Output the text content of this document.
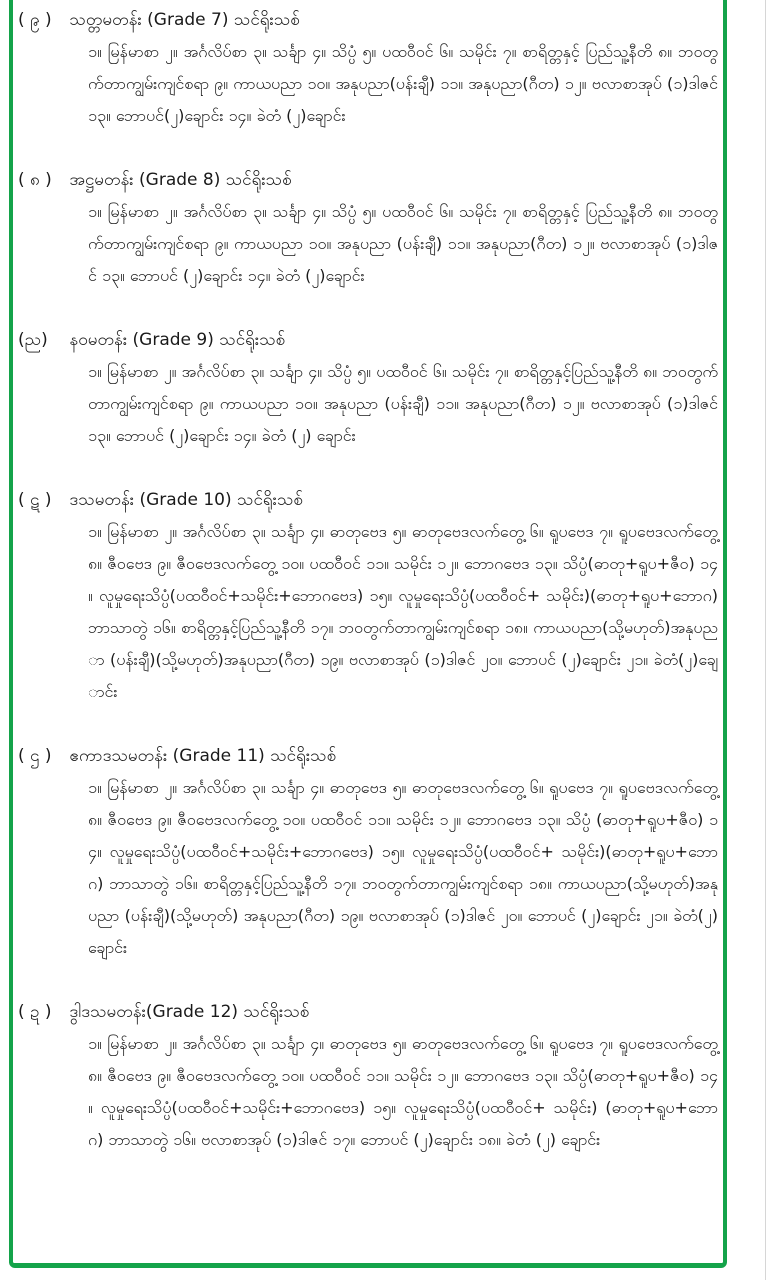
( ၉ ) သတ္တမတန်း (Grade 7) သင်ရိုးသစ်
၁။ မြန်မာစာ ၂။ အင်္ဂလိပ်စာ ၃။ သင်္ချာ ၄။ သိပ္ပံ ၅။ ပထဝီဝင် ၆။ သမိုင်း ၇။ စာရိတ္တနှင့် ပြည်သူ့နီတိ ၈။ ဘဝတွက်တာကျွမ်းကျင်စရာ ၉။ ကာယပညာ ၁၀။ အနုပညာ(ပန်းချီ) ၁၁။ အနုပညာ(ဂီတ) ၁၂။ ဗလာစာအုပ် (၁)ဒါဇင် ၁၃။ ဘောပင်(၂)ချောင်း ၁၄။ ခဲတံ (၂)ချောင်း
( ၈ ) အဋ္ဌမတန်း (Grade 8) သင်ရိုးသစ်
၁။ မြန်မာစာ ၂။ အင်္ဂလိပ်စာ ၃။ သင်္ချာ ၄။ သိပ္ပံ ၅။ ပထဝီဝင် ၆။ သမိုင်း ၇။ စာရိတ္တနှင့် ပြည်သူ့နီတိ ၈။ ဘဝတွက်တာကျွမ်းကျင်စရာ ၉။ ကာယပညာ ၁၀။ အနုပညာ (ပန်းချီ) ၁၁။ အနုပညာ(ဂီတ) ၁၂။ ဗလာစာအုပ် (၁)ဒါဇင် ၁၃။ ဘောပင် (၂)ချောင်း ၁၄။ ခဲတံ (၂)ချောင်း
(ည) နဝမတန်း (Grade 9) သင်ရိုးသစ်
၁။ မြန်မာစာ ၂။ အင်္ဂလိပ်စာ ၃။ သင်္ချာ ၄။ သိပ္ပံ ၅။ ပထဝီဝင် ၆။ သမိုင်း ၇။ စာရိတ္တနှင့်ပြည်သူ့နီတိ ၈။ ဘဝတွက်တာကျွမ်းကျင်စရာ ၉။ ကာယပညာ ၁၀။ အနုပညာ (ပန်းချီ) ၁၁။ အနုပညာ(ဂီတ) ၁၂။ ဗလာစာအုပ် (၁)ဒါဇင် ၁၃။ ဘောပင် (၂)ချောင်း ၁၄။ ခဲတံ (၂) ချောင်း
( ဋ ) ဒသမတန်း (Grade 10) သင်ရိုးသစ်
၁။ မြန်မာစာ ၂။ အင်္ဂလိပ်စာ ၃။ သင်္ချာ ၄။ ဓာတုဗေဒ ၅။ ဓာတုဗေဒလက်တွေ့ ၆။ ရူပဗေဒ ၇။ ရူပဗေဒလက်တွေ့ ၈။ ဇီဝဗေဒ ၉။ ဇီဝဗေဒလက်တွေ့ ၁၀။ ပထဝီဝင် ၁၁။ သမိုင်း ၁၂။ ဘောဂဗေဒ ၁၃။ သိပ္ပံ(ဓာတု+ရူပ+ဇီဝ) ၁၄။ လူမှုရေးသိပ္ပံ(ပထဝီဝင်+သမိုင်း+ဘောဂဗေဒ) ၁၅။ လူမှုရေးသိပ္ပံ(ပထဝီဝင်+ သမိုင်း)(ဓာတု+ရူပ+ဘောဂ) ဘာသာတွဲ ၁၆။ စာရိတ္တနှင့်ပြည်သူ့နီတိ ၁၇။ ဘဝတွက်တာကျွမ်းကျင်စရာ ၁၈။ ကာယပညာ(သို့မဟုတ်)အနုပညာ (ပန်းချီ)(သို့မဟုတ်)အနုပညာ(ဂီတ) ၁၉။ ဗလာစာအုပ် (၁)ဒါဇင် ၂၀။ ဘောပင် (၂)ချောင်း ၂၁။ ခဲတံ(၂)ချောင်း
( ဌ ) ဧကာဒသမတန်း (Grade 11) သင်ရိုးသစ်
၁။ မြန်မာစာ ၂။ အင်္ဂလိပ်စာ ၃။ သင်္ချာ ၄။ ဓာတုဗေဒ ၅။ ဓာတုဗေဒလက်တွေ့ ၆။ ရူပဗေဒ ၇။ ရူပဗေဒလက်တွေ့ ၈။ ဇီဝဗေဒ ၉။ ဇီဝဗေဒလက်တွေ့ ၁၀။ ပထဝီဝင် ၁၁။ သမိုင်း ၁၂။ ဘောဂဗေဒ ၁၃။ သိပ္ပံ (ဓာတု+ရူပ+ဇီဝ) ၁၄။ လူမှုရေးသိပ္ပံ(ပထဝီဝင်+သမိုင်း+ဘောဂဗေဒ) ၁၅။ လူမှုရေးသိပ္ပံ(ပထဝီဝင်+ သမိုင်း)(ဓာတု+ရူပ+ဘောဂ) ဘာသာတွဲ ၁၆။ စာရိတ္တနှင့်ပြည်သူ့နီတိ ၁၇။ ဘဝတွက်တာကျွမ်းကျင်စရာ ၁၈။ ကာယပညာ(သို့မဟုတ်)အနုပညာ (ပန်းချီ)(သို့မဟုတ်) အနုပညာ(ဂီတ) ၁၉။ ဗလာစာအုပ် (၁)ဒါဇင် ၂၀။ ဘောပင် (၂)ချောင်း ၂၁။ ခဲတံ(၂)ချောင်း
( ဍ ) ဒွါဒသမတန်း(Grade 12) သင်ရိုးသစ်
၁။ မြန်မာစာ ၂။ အင်္ဂလိပ်စာ ၃။ သင်္ချာ ၄။ ဓာတုဗေဒ ၅။ ဓာတုဗေဒလက်တွေ့ ၆။ ရူပဗေဒ ၇။ ရူပဗေဒလက်တွေ့ ၈။ ဇီဝဗေဒ ၉။ ဇီဝဗေဒလက်တွေ့ ၁၀။ ပထဝီဝင် ၁၁။ သမိုင်း ၁၂။ ဘောဂဗေဒ ၁၃။ သိပ္ပံ(ဓာတု+ရူပ+ဇီဝ) ၁၄။ လူမှုရေးသိပ္ပံ(ပထဝီဝင်+သမိုင်း+ဘောဂဗေဒ) ၁၅။ လူမှုရေးသိပ္ပံ(ပထဝီဝင်+ သမိုင်း) (ဓာတု+ရူပ+ဘောဂ) ဘာသာတွဲ ၁၆။ ဗလာစာအုပ် (၁)ဒါဇင် ၁၇။ ဘောပင် (၂)ချောင်း ၁၈။ ခဲတံ (၂) ချောင်း
